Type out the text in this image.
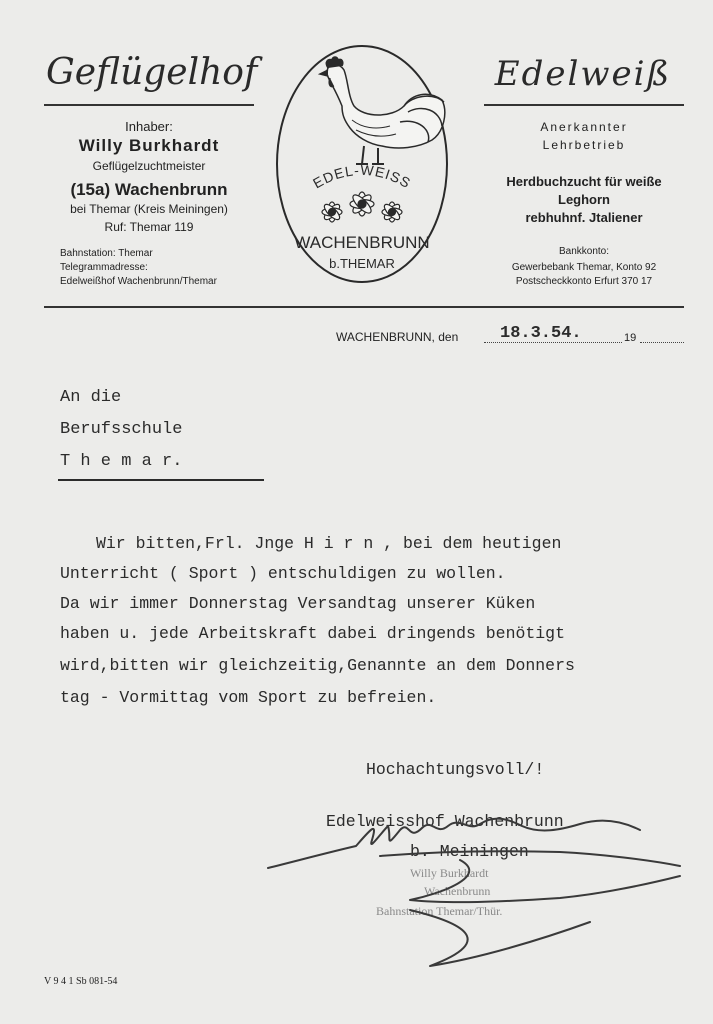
Geflügelhof
Inhaber:
Willy Burkhardt
Geflügelzuchtmeister
(15a) Wachenbrunn
bei Themar (Kreis Meiningen)
Ruf: Themar 119
Bahnstation: Themar
Telegrammadresse:
Edelweißhof Wachenbrunn/Themar
EDEL-WEISS
WACHENBRUNN
b.THEMAR
Edelweiß
Anerkannter
Lehrbetrieb
Herdbuchzucht für weiße
Leghorn
rebhuhnf. Jtaliener
Bankkonto:
Gewerbebank Themar, Konto 92
Postscheckkonto Erfurt 370 17
WACHENBRUNN, den 18.3.54.	19
An die
Berufsschule
T h e m a r.
Wir bitten,Frl. Jnge H i r n , bei dem heutigen
Unterricht ( Sport ) entschuldigen zu wollen.
Da wir immer Donnerstag Versandtag unserer Küken
haben u. jede Arbeitskraft dabei dringends benötigt
wird,bitten wir gleichzeitig,Genannte an dem Donners
tag - Vormittag vom Sport zu befreien.
Hochachtungsvoll/!
Willy Burkhardt
Wachenbrunn
Bahnstation Themar/Thür.
Edelweisshof Wachenbrunn
b. Meiningen
V 9 4 1 Sb 081-54
